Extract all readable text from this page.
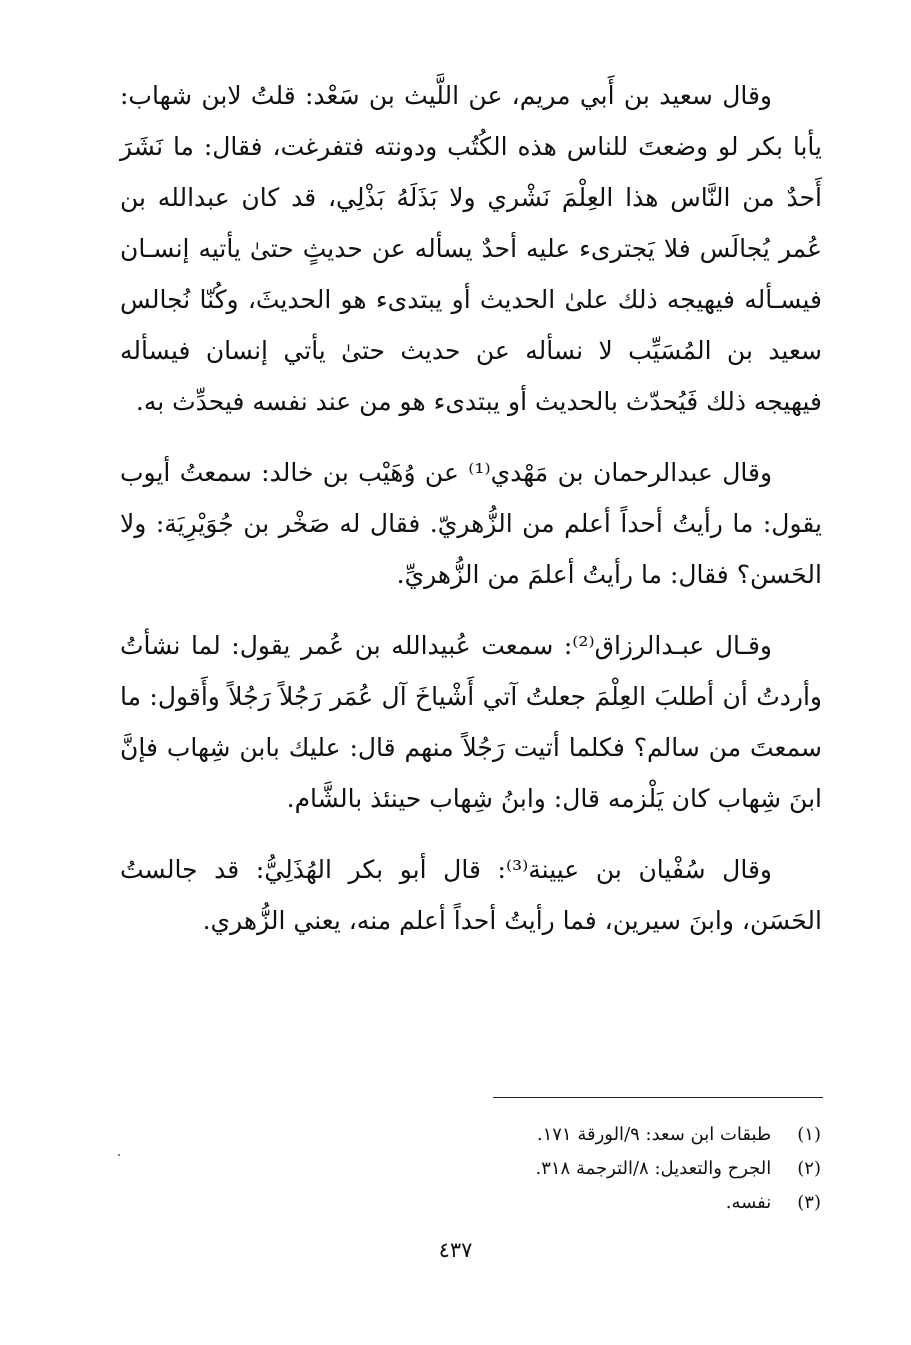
وقال سعيد بن أَبي مريم، عن اللَّيث بن سَعْد: قلتُ لابن شهاب: يأبا بكر لو وضعتَ للناس هذه الكُتُب ودونته فتفرغت، فقال: ما نَشَرَ أَحدٌ من النَّاس هذا العِلْمَ نَشْري ولا بَذَلَهُ بَذْلِي، قد كان عبدالله بن عُمر يُجالَس فلا يَجترىء عليه أحدٌ يسأله عن حديثٍ حتىٰ يأتيه إنسـان فيسـأله فيهيجه ذلك علىٰ الحديث أو يبتدىء هو الحديثَ، وكُنّا نُجالس سعيد بن المُسَيِّب لا نسأله عن حديث حتىٰ يأتي إنسان فيسأله فيهيجه ذلك فَيُحدّث بالحديث أو يبتدىء هو من عند نفسه فيحدِّث به.

وقال عبدالرحمان بن مَهْدي⁽¹⁾ عن وُهَيْب بن خالد: سمعتُ أيوب يقول: ما رأيتُ أحداً أعلم من الزُّهريّ. فقال له صَخْر بن جُوَيْرِيَة: ولا الحَسن؟ فقال: ما رأيتُ أعلمَ من الزُّهريِّ.

وقـال عبـدالرزاق⁽²⁾: سمعت عُبيدالله بن عُمر يقول: لما نشأتُ وأردتُ أن أطلبَ العِلْمَ جعلتُ آتي أَشْياخَ آل عُمَر رَجُلاً رَجُلاً وأَقول: ما سمعتَ من سالم؟ فكلما أتيت رَجُلاً منهم قال: عليك بابن شِهاب فإنَّ ابنَ شِهاب كان يَلْزمه قال: وابنُ شِهاب حينئذ بالشَّام.

وقال سُفْيان بن عيينة⁽³⁾: قال أبو بكر الهُذَلِيُّ: قد جالستُ الحَسَن، وابنَ سيرين، فما رأيتُ أحداً أعلم منه، يعني الزُّهري.

(١) طبقات ابن سعد: ٩/الورقة ١٧١.

(٢) الجرح والتعديل: ٨/الترجمة ٣١٨.

(٣) نفسه.

٤٣٧
